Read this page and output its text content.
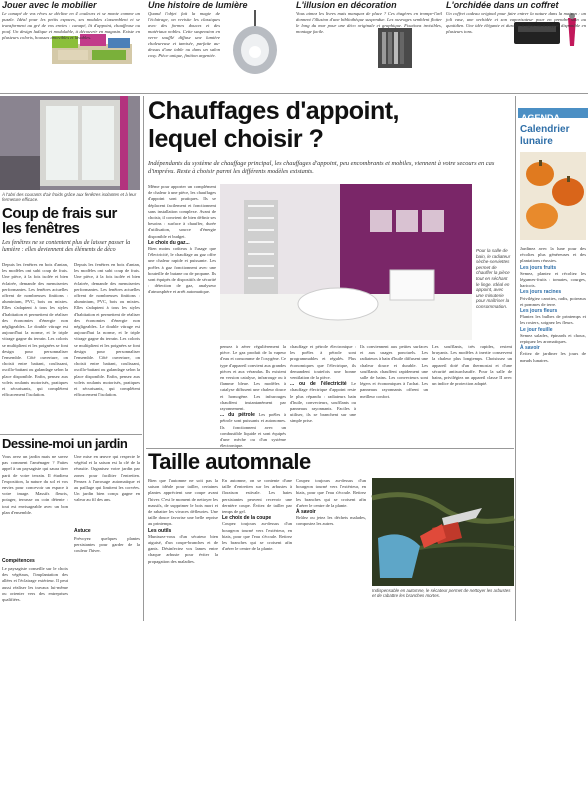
Jouer avec le mobilier
Le canapé de vos rêves se décline en 4 couleurs et se monte comme un puzzle. Idéal pour les petits espaces, ses modules s'assemblent et se transforment au gré de vos envies : canapé, lit d'appoint, chauffeuse ou pouf. Un design ludique et modulable, à découvrir en magasin. Existe en plusieurs coloris, housses amovibles et lavables.
Une histoire de lumière
Quand l'objet fait la magie de l'éclairage, on revisite les classiques avec des formes douces et des matériaux nobles. Cette suspension en verre soufflé diffuse une lumière chaleureuse et tamisée, parfaite au-dessus d'une table ou dans un salon cosy. Pièce unique, finition argentée.
L'illusion en décoration
Vous aimez les livres mais manquez de place ? Ces étagères en trompe-l'œil donnent l'illusion d'une bibliothèque suspendue. Les ouvrages semblent flotter le long du mur pour une déco originale et graphique. Fixations invisibles, montage facile.
L'orchidée dans un coffret
Un coffret cadeau original pour faire entrer la nature dans la maison : un joli vase, une orchidée et son vaporisateur pour en prendre soin au quotidien. Une idée élégante et durable à offrir ou à s'offrir, disponible en plusieurs tons.
À l'abri des courants d'air froids grâce aux fenêtres isolantes et à leur fermeture efficace.
Coup de frais sur les fenêtres
Les fenêtres ne se contentent plus de laisser passer la lumière : elles deviennent des éléments de déco
Depuis les fenêtres en bois d'antan, les modèles ont subi coup de frais. Une pièce, à la fois isolée et bien éclairée, demande des menuiseries performantes. Les fenêtres actuelles offrent de nombreuses finitions : aluminium, PVC, bois ou mixtes. Elles s'adaptent à tous les styles d'habitation et permettent de réaliser des économies d'énergie non négligeables. Le double vitrage est aujourd'hui la norme, et le triple vitrage gagne du terrain. Les coloris se multiplient et les poignées se font design pour personnaliser l'ensemble. Côté ouverture, on choisit entre battant, coulissant, oscillo-battant ou galandage selon la place disponible. Enfin, pensez aux volets roulants motorisés, pratiques et sécurisants, qui complètent efficacement l'isolation.
Depuis les fenêtres en bois d'antan, les modèles ont subi coup de frais. Une pièce, à la fois isolée et bien éclairée, demande des menuiseries performantes. Les fenêtres actuelles offrent de nombreuses finitions : aluminium, PVC, bois ou mixtes. Elles s'adaptent à tous les styles d'habitation et permettent de réaliser des économies d'énergie non négligeables. Le double vitrage est aujourd'hui la norme, et le triple vitrage gagne du terrain. Les coloris se multiplient et les poignées se font design pour personnaliser l'ensemble. Côté ouverture, on choisit entre battant, coulissant, oscillo-battant ou galandage selon la place disponible. Enfin, pensez aux volets roulants motorisés, pratiques et sécurisants, qui complètent efficacement l'isolation.
Dessine-moi un jardin
Vous avez un jardin mais ne savez pas comment l'aménager ? Faites appel à un paysagiste qui saura tirer parti de votre terrain. Il étudiera l'exposition, la nature du sol et vos envies pour concevoir un espace à votre image. Massifs fleuris, potager, terrasse ou coin détente : tout est envisageable avec un bon plan d'ensemble.
Compétences
Le paysagiste conseille sur le choix des végétaux, l'implantation des allées et l'éclairage extérieur. Il peut aussi réaliser les travaux lui-même ou orienter vers des entreprises qualifiées.
Une mise en œuvre qui respecte le végétal et la saison est la clé de la réussite. Organisez votre jardin par zones pour faciliter l'entretien. Pensez à l'arrosage automatique et au paillage qui limitent les corvées. Un jardin bien conçu gagne en valeur au fil des ans.
Astuce
Prévoyez quelques plantes persistantes pour garder de la couleur l'hiver.
Chauffages d'appoint,
lequel choisir ?
Indépendants du système de chauffage principal, les chauffages d'appoint, peu encombrants et mobiles, viennent à votre secours en cas d'imprévu. Reste à choisir parmi les différents modèles existants.
Même pour apporter un complément de chaleur à une pièce, les chauffages d'appoint sont pratiques. Ils se déplacent facilement et fonctionnent sans installation complexe. Avant de choisir, il convient de bien définir ses besoins : surface à chauffer, durée d'utilisation, source d'énergie disponible et budget.
Le choix du gaz...
Bien moins coûteux à l'usage que l'électricité, le chauffage au gaz offre une chaleur rapide et puissante. Les poêles à gaz fonctionnent avec une bouteille de butane ou de propane. Ils sont équipés de dispositifs de sécurité : détection de gaz, analyseur d'atmosphère et arrêt automatique.
pensez à aérer régulièrement la pièce. Le gaz produit de la vapeur d'eau et consomme de l'oxygène. Ce type d'appareil convient aux grandes pièces et aux vérandas. Ils existent en version catalyse, infrarouge ou à flamme bleue. Les modèles à catalyse diffusent une chaleur douce et homogène. Les infrarouges chauffent instantanément par rayonnement.
... du pétrole Les poêles à pétrole sont puissants et autonomes. Ils fonctionnent avec un combustible liquide et sont équipés d'une mèche ou d'un système électronique.
chauffage et pétrole électronique : les poêles à pétrole sont programmables et régulés. Plus économiques que l'électrique, ils demandent toutefois une bonne ventilation de la pièce.
... ou de l'électricité Le chauffage électrique d'appoint reste le plus répandu : radiateurs bain d'huile, convecteurs, soufflants ou panneaux rayonnants. Faciles à utiliser, ils se branchent sur une simple prise.
Ils conviennent aux petites surfaces et aux usages ponctuels. Les radiateurs à bain d'huile diffusent une chaleur douce et durable. Les soufflants chauffent rapidement une salle de bains. Les convecteurs sont légers et économiques à l'achat. Les panneaux rayonnants offrent un meilleur confort.
Les soufflants, très rapides, restent bruyants. Les modèles à inertie conservent la chaleur plus longtemps. Choisissez un appareil doté d'un thermostat et d'une sécurité antisurchauffe. Pour la salle de bains, privilégiez un appareil classe II avec un indice de protection adapté.
Pour la salle de bain, le radiateur sèche-serviettes permet de chauffer la pièce tout en séchant le linge. Idéal en appoint, avec une minuterie pour maîtriser la consommation.
Taille automnale
Bien que l'automne ne soit pas la saison idéale pour tailler, certaines plantes apprécient une coupe avant l'hiver. C'est le moment de nettoyer les massifs, de supprimer le bois mort et de rabattre les vivaces défleuries. Une taille douce favorise une belle reprise au printemps.
Les outils
Munissez-vous d'un sécateur bien aiguisé, d'un coupe-branches et de gants. Désinfectez vos lames entre chaque arbuste pour éviter la propagation des maladies.
En automne, on se contente d'une taille d'entretien sur les arbustes à floraison estivale. Les haies persistantes peuvent recevoir une dernière coupe. Évitez de tailler par temps de gel.
Le choix de la coupe
Coupez toujours au-dessus d'un bourgeon tourné vers l'extérieur, en biais, pour que l'eau s'écoule. Retirez les branches qui se croisent afin d'aérer le centre de la plante.
Coupez toujours au-dessus d'un bourgeon tourné vers l'extérieur, en biais, pour que l'eau s'écoule. Retirez les branches qui se croisent afin d'aérer le centre de la plante.
À savoir
Brûlez ou jetez les déchets malades, compostez les autres.
Indispensable en automne, le sécateur permet de nettoyer les arbustes et de rabattre les branches mortes.
AGENDA
Calendrier
lunaire
Jardinez avec la lune pour des récoltes plus généreuses et des plantations réussies.
Les jours fruits
Semez, plantez et récoltez les légumes-fruits : tomates, courges, haricots.
Les jours racines
Privilégiez carottes, radis, poireaux et pommes de terre.
Les jours fleurs
Plantez les bulbes de printemps et les rosiers, soignez les fleurs.
Le jour feuille
Semez salades, épinards et choux, repiquez les aromatiques.
À savoir
Évitez de jardiner les jours de nœuds lunaires.
